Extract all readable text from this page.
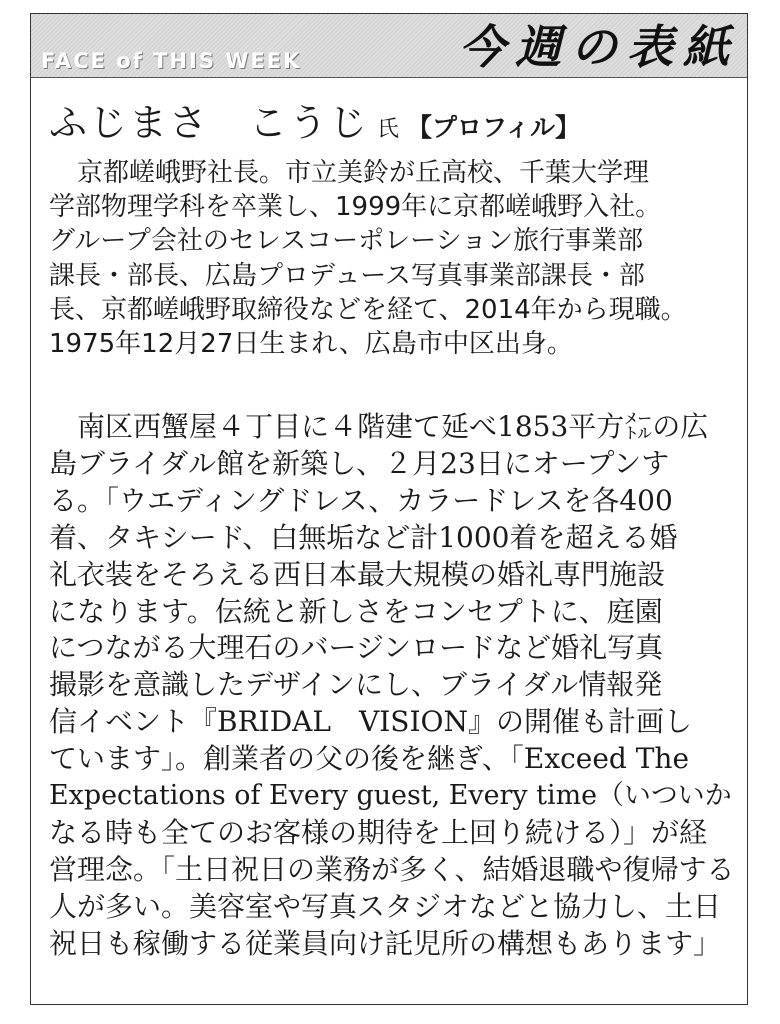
FACE of THIS WEEK	今週の表紙
ふじまさ　こうじ 氏 【プロフィル】
京都嵯峨野社長。市立美鈴が丘高校、千葉大学理
学部物理学科を卒業し、1999年に京都嵯峨野入社。
グループ会社のセレスコーポレーション旅行事業部
課長・部長、広島プロデュース写真事業部課長・部
長、京都嵯峨野取締役などを経て、2014年から現職。
1975年12月27日生まれ、広島市中区出身。
南区西蟹屋４丁目に４階建て延べ1853平方㍍の広
島ブライダル館を新築し、２月23日にオープンす
る。「ウエディングドレス、カラードレスを各400
着、タキシード、白無垢など計1000着を超える婚
礼衣装をそろえる西日本最大規模の婚礼専門施設
になります。伝統と新しさをコンセプトに、庭園
につながる大理石のバージンロードなど婚礼写真
撮影を意識したデザインにし、ブライダル情報発
信イベント『BRIDAL　VISION』の開催も計画し
ています」。創業者の父の後を継ぎ、「Exceed The
Expectations of Every guest, Every time（いついか
なる時も全てのお客様の期待を上回り続ける）」が経
営理念。「土日祝日の業務が多く、結婚退職や復帰する
人が多い。美容室や写真スタジオなどと協力し、土日
祝日も稼働する従業員向け託児所の構想もあります」
